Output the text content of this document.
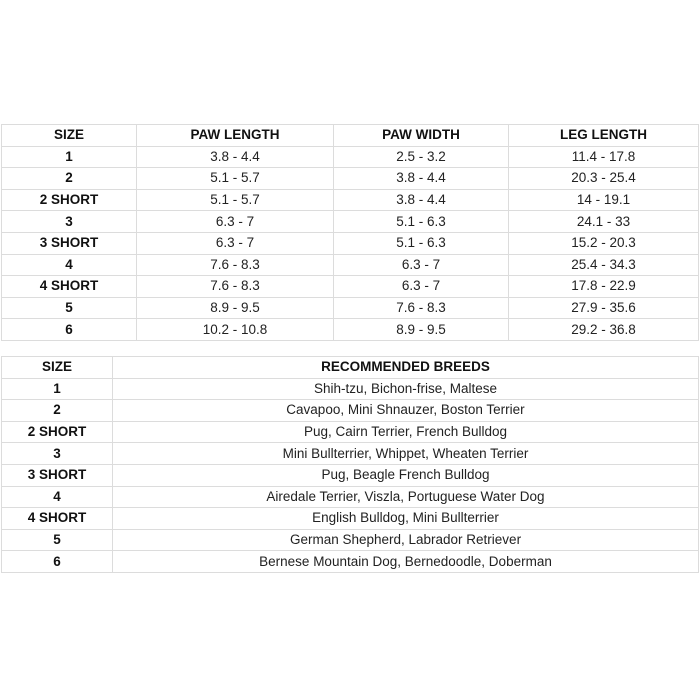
SIZE	PAW LENGTH	PAW WIDTH	LEG LENGTH
1	3.8 - 4.4	2.5 - 3.2	11.4 - 17.8
2	5.1 - 5.7	3.8 - 4.4	20.3 - 25.4
2 SHORT	5.1 - 5.7	3.8 - 4.4	14 - 19.1
3	6.3 - 7	5.1 - 6.3	24.1 - 33
3 SHORT	6.3 - 7	5.1 - 6.3	15.2 - 20.3
4	7.6 - 8.3	6.3 - 7	25.4 - 34.3
4 SHORT	7.6 - 8.3	6.3 - 7	17.8 - 22.9
5	8.9 - 9.5	7.6 - 8.3	27.9 - 35.6
6	10.2 - 10.8	8.9 - 9.5	29.2 - 36.8
SIZE	RECOMMENDED BREEDS
1	Shih-tzu, Bichon-frise, Maltese
2	Cavapoo, Mini Shnauzer, Boston Terrier
2 SHORT	Pug, Cairn Terrier, French Bulldog
3	Mini Bullterrier, Whippet, Wheaten Terrier
3 SHORT	Pug, Beagle French Bulldog
4	Airedale Terrier, Viszla, Portuguese Water Dog
4 SHORT	English Bulldog, Mini Bullterrier
5	German Shepherd, Labrador Retriever
6	Bernese Mountain Dog, Bernedoodle, Doberman
